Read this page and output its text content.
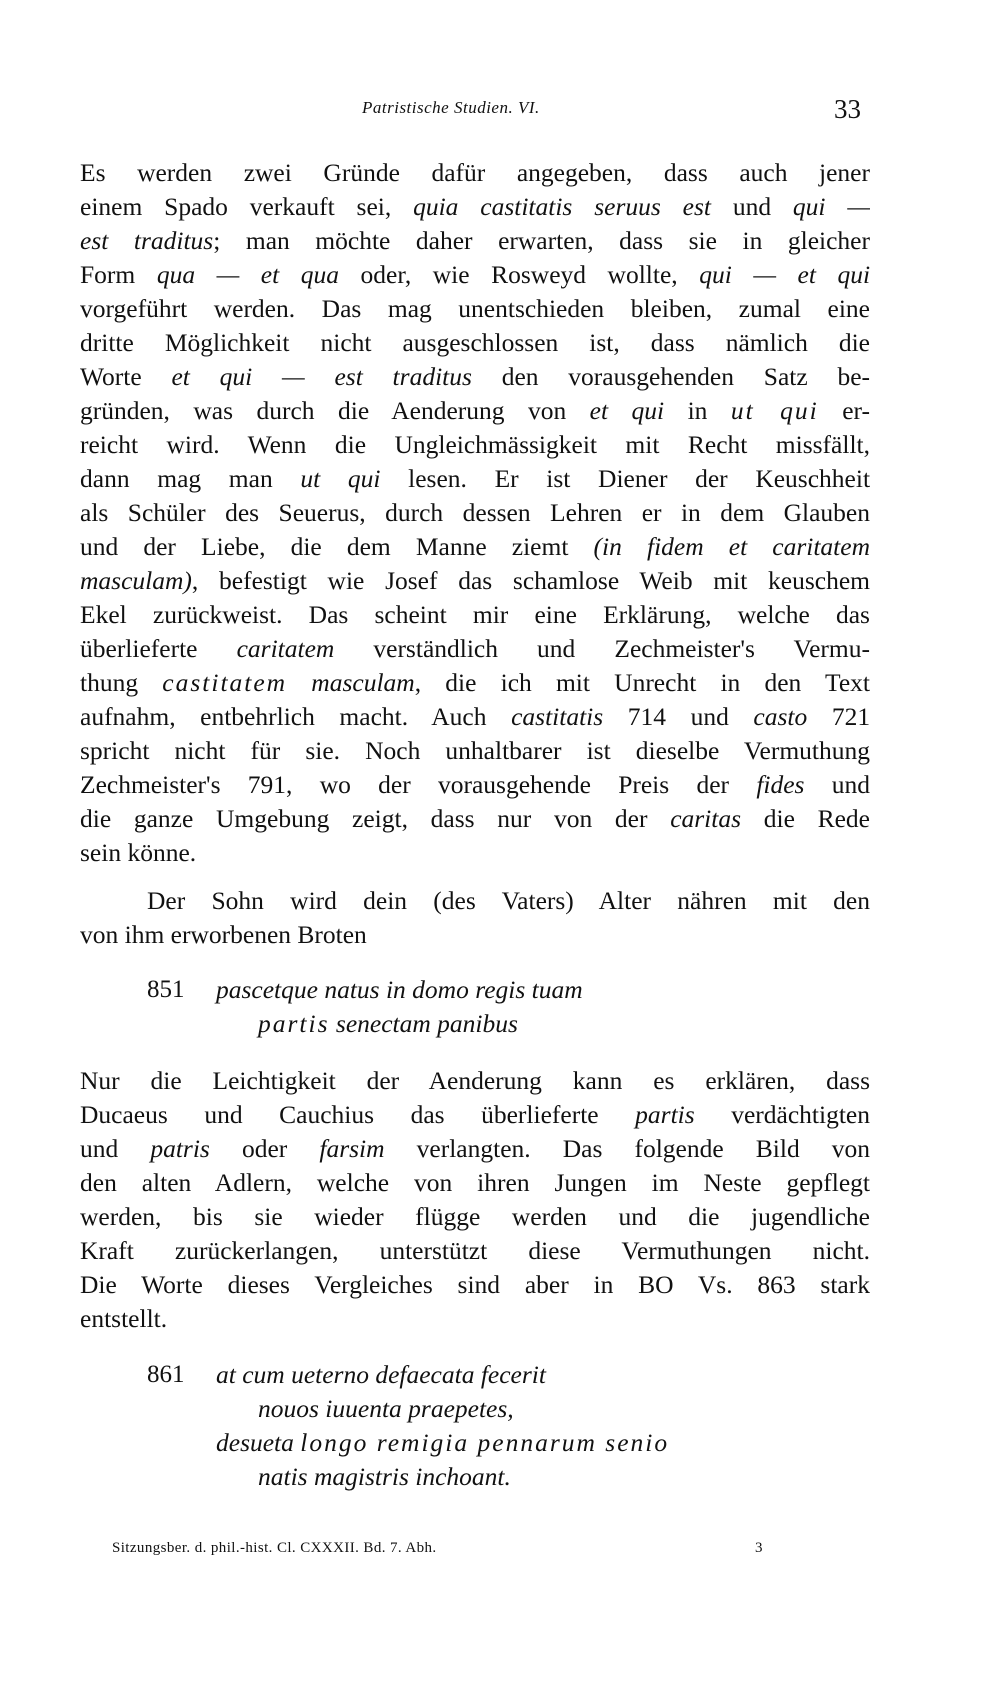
Patristische Studien. VI.	33
Es werden zwei Gründe dafür angegeben, dass auch jener
einem Spado verkauft sei, quia castitatis seruus est und qui —
est traditus; man möchte daher erwarten, dass sie in gleicher
Form qua — et qua oder, wie Rosweyd wollte, qui — et qui
vorgeführt werden. Das mag unentschieden bleiben, zumal eine
dritte Möglichkeit nicht ausgeschlossen ist, dass nämlich die
Worte et qui — est traditus den vorausgehenden Satz be-
gründen, was durch die Aenderung von et qui in ut qui er-
reicht wird. Wenn die Ungleichmässigkeit mit Recht missfällt,
dann mag man ut qui lesen. Er ist Diener der Keuschheit
als Schüler des Seuerus, durch dessen Lehren er in dem Glauben
und der Liebe, die dem Manne ziemt (in fidem et caritatem
masculam), befestigt wie Josef das schamlose Weib mit keuschem
Ekel zurückweist. Das scheint mir eine Erklärung, welche das
überlieferte caritatem verständlich und Zechmeister's Vermu-
thung castitatem masculam, die ich mit Unrecht in den Text
aufnahm, entbehrlich macht. Auch castitatis 714 und casto 721
spricht nicht für sie. Noch unhaltbarer ist dieselbe Vermuthung
Zechmeister's 791, wo der vorausgehende Preis der fides und
die ganze Umgebung zeigt, dass nur von der caritas die Rede
sein könne.
Der Sohn wird dein (des Vaters) Alter nähren mit den
von ihm erworbenen Broten
851 pascetque natus in domo regis tuam
partis senectam panibus
Nur die Leichtigkeit der Aenderung kann es erklären, dass
Ducaeus und Cauchius das überlieferte partis verdächtigten
und patris oder farsim verlangten. Das folgende Bild von
den alten Adlern, welche von ihren Jungen im Neste gepflegt
werden, bis sie wieder flügge werden und die jugendliche
Kraft zurückerlangen, unterstützt diese Vermuthungen nicht.
Die Worte dieses Vergleiches sind aber in BO Vs. 863 stark
entstellt.
861 at cum ueterno defaecata fecerit
nouos iuuenta praepetes,
desueta longo remigia pennarum senio
natis magistris inchoant.
Sitzungsber. d. phil.-hist. Cl. CXXXII. Bd. 7. Abh.	3
